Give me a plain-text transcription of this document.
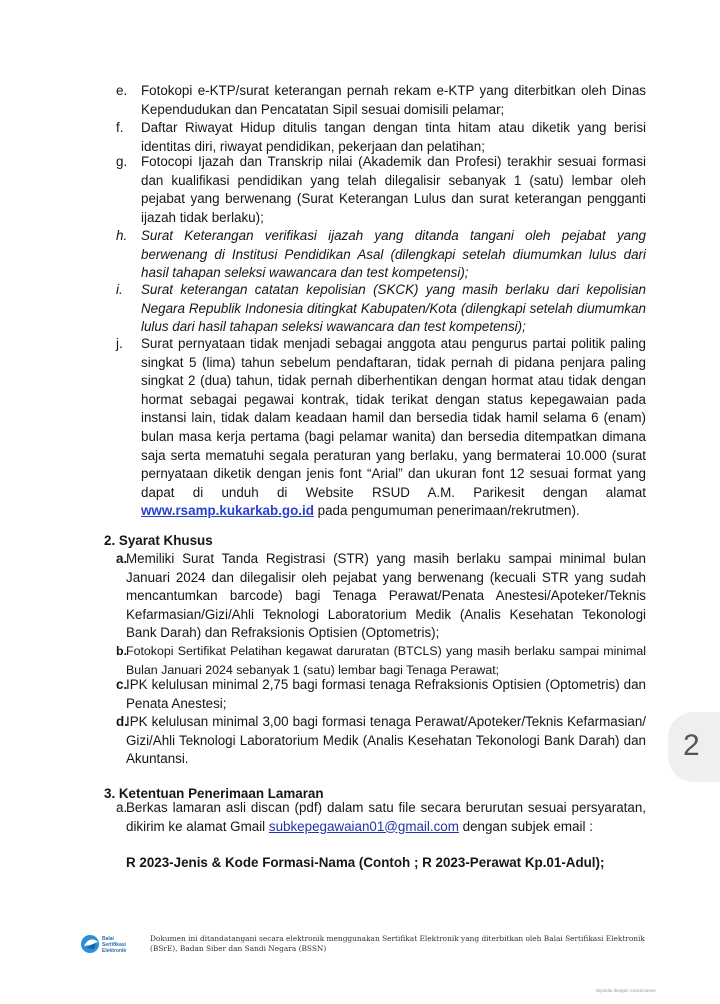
e. Fotokopi e-KTP/surat keterangan pernah rekam e-KTP yang diterbitkan oleh Dinas Kependudukan dan Pencatatan Sipil sesuai domisili pelamar;
f. Daftar Riwayat Hidup ditulis tangan dengan tinta hitam atau diketik yang berisi identitas diri, riwayat pendidikan, pekerjaan dan pelatihan;
g. Fotocopi Ijazah dan Transkrip nilai (Akademik dan Profesi) terakhir sesuai formasi dan kualifikasi pendidikan yang telah dilegalisir sebanyak 1 (satu) lembar oleh pejabat yang berwenang (Surat Keterangan Lulus dan surat keterangan pengganti ijazah tidak berlaku);
h. Surat Keterangan verifikasi ijazah yang ditanda tangani oleh pejabat yang berwenang di Institusi Pendidikan Asal (dilengkapi setelah diumumkan lulus dari hasil tahapan seleksi wawancara dan test kompetensi);
i. Surat keterangan catatan kepolisian (SKCK) yang masih berlaku dari kepolisian Negara Republik Indonesia ditingkat Kabupaten/Kota (dilengkapi setelah diumumkan lulus dari hasil tahapan seleksi wawancara dan test kompetensi);
j. Surat pernyataan tidak menjadi sebagai anggota atau pengurus partai politik paling singkat 5 (lima) tahun sebelum pendaftaran, tidak pernah di pidana penjara paling singkat 2 (dua) tahun, tidak pernah diberhentikan dengan hormat atau tidak dengan hormat sebagai pegawai kontrak, tidak terikat dengan status kepegawaian pada instansi lain, tidak dalam keadaan hamil dan bersedia tidak hamil selama 6 (enam) bulan masa kerja pertama (bagi pelamar wanita) dan bersedia ditempatkan dimana saja serta mematuhi segala peraturan yang berlaku, yang bermaterai 10.000 (surat pernyataan diketik dengan jenis font “Arial” dan ukuran font 12 sesuai format yang dapat di unduh di Website RSUD A.M. Parikesit dengan alamat www.rsamp.kukarkab.go.id pada pengumuman penerimaan/rekrutmen).
2. Syarat Khusus
a.
Memiliki Surat Tanda Registrasi (STR) yang masih berlaku sampai minimal bulan Januari 2024 dan dilegalisir oleh pejabat yang berwenang (kecuali STR yang sudah mencantumkan barcode) bagi Tenaga Perawat/Penata Anestesi/Apoteker/Teknis Kefarmasian/Gizi/Ahli Teknologi Laboratorium Medik (Analis Kesehatan Tekonologi Bank Darah) dan Refraksionis Optisien (Optometris);
b.
Fotokopi Sertifikat Pelatihan kegawat daruratan (BTCLS) yang masih berlaku sampai minimal Bulan Januari 2024 sebanyak 1 (satu) lembar bagi Tenaga Perawat;
c.
IPK kelulusan minimal 2,75 bagi formasi tenaga Refraksionis Optisien (Optometris) dan Penata Anestesi;
d.
IPK kelulusan minimal 3,00 bagi formasi tenaga Perawat/Apoteker/Teknis Kefarmasian/ Gizi/Ahli Teknologi Laboratorium Medik (Analis Kesehatan Tekonologi Bank Darah) dan Akuntansi.
3. Ketentuan Penerimaan Lamaran
a.
Berkas lamaran asli discan (pdf) dalam satu file secara berurutan sesuai persyaratan, dikirim ke alamat Gmail subkepegawaian01@gmail.com dengan subjek email :
R 2023-Jenis & Kode Formasi-Nama (Contoh ; R 2023-Perawat Kp.01-Adul);
2
Balai
Sertifikasi
Elektronik
Dokumen ini ditandatangani secara elektronik menggunakan Sertifikat Elektronik yang diterbitkan oleh Balai Sertifikasi Elektronik (BSrE), Badan Siber dan Sandi Negara (BSSN)
Dipindai dengan CamScanner
